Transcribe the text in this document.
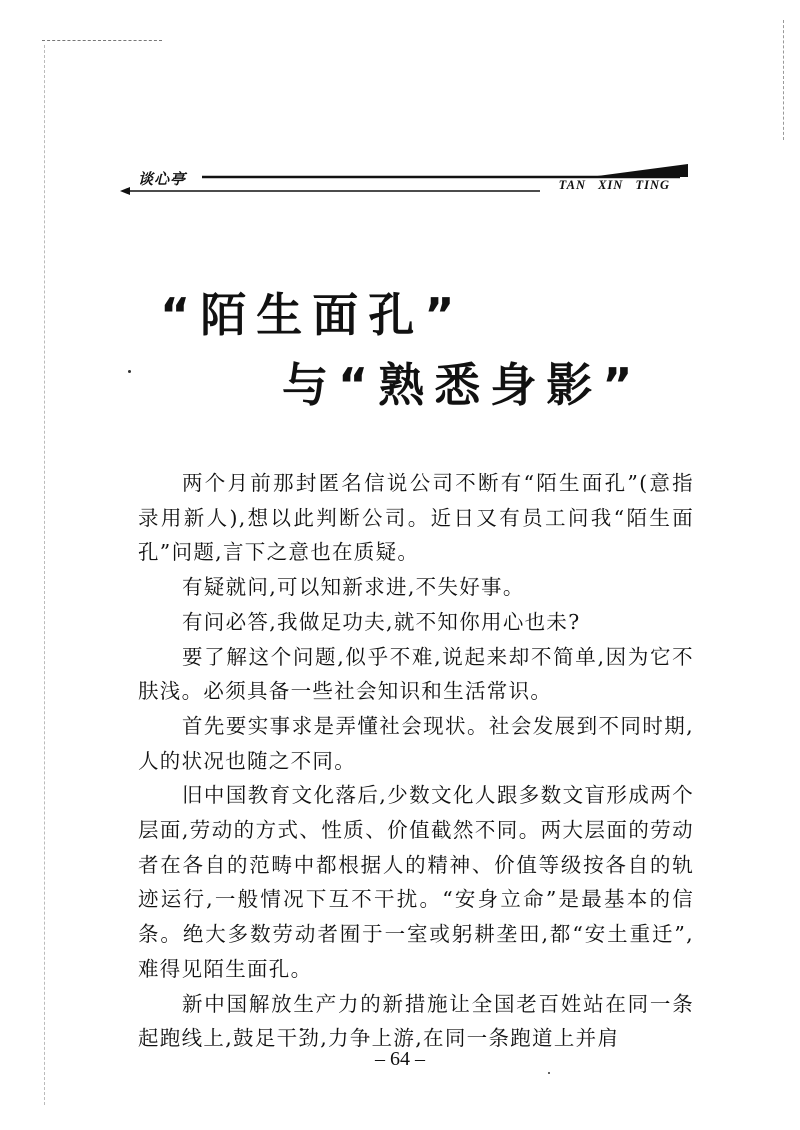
谈心亭	TAN XIN TING
“陌生面孔”
与“熟悉身影”

两个月前那封匿名信说公司不断有“陌生面孔”(意指录用新人),想以此判断公司。近日又有员工问我“陌生面孔”问题,言下之意也在质疑。

有疑就问,可以知新求进,不失好事。

有问必答,我做足功夫,就不知你用心也未?

要了解这个问题,似乎不难,说起来却不简单,因为它不肤浅。必须具备一些社会知识和生活常识。

首先要实事求是弄懂社会现状。社会发展到不同时期,人的状况也随之不同。

旧中国教育文化落后,少数文化人跟多数文盲形成两个层面,劳动的方式、性质、价值截然不同。两大层面的劳动者在各自的范畴中都根据人的精神、价值等级按各自的轨迹运行,一般情况下互不干扰。“安身立命”是最基本的信条。绝大多数劳动者囿于一室或躬耕垄田,都“安土重迁”,难得见陌生面孔。

新中国解放生产力的新措施让全国老百姓站在同一条起跑线上,鼓足干劲,力争上游,在同一条跑道上并肩

– 64 –
